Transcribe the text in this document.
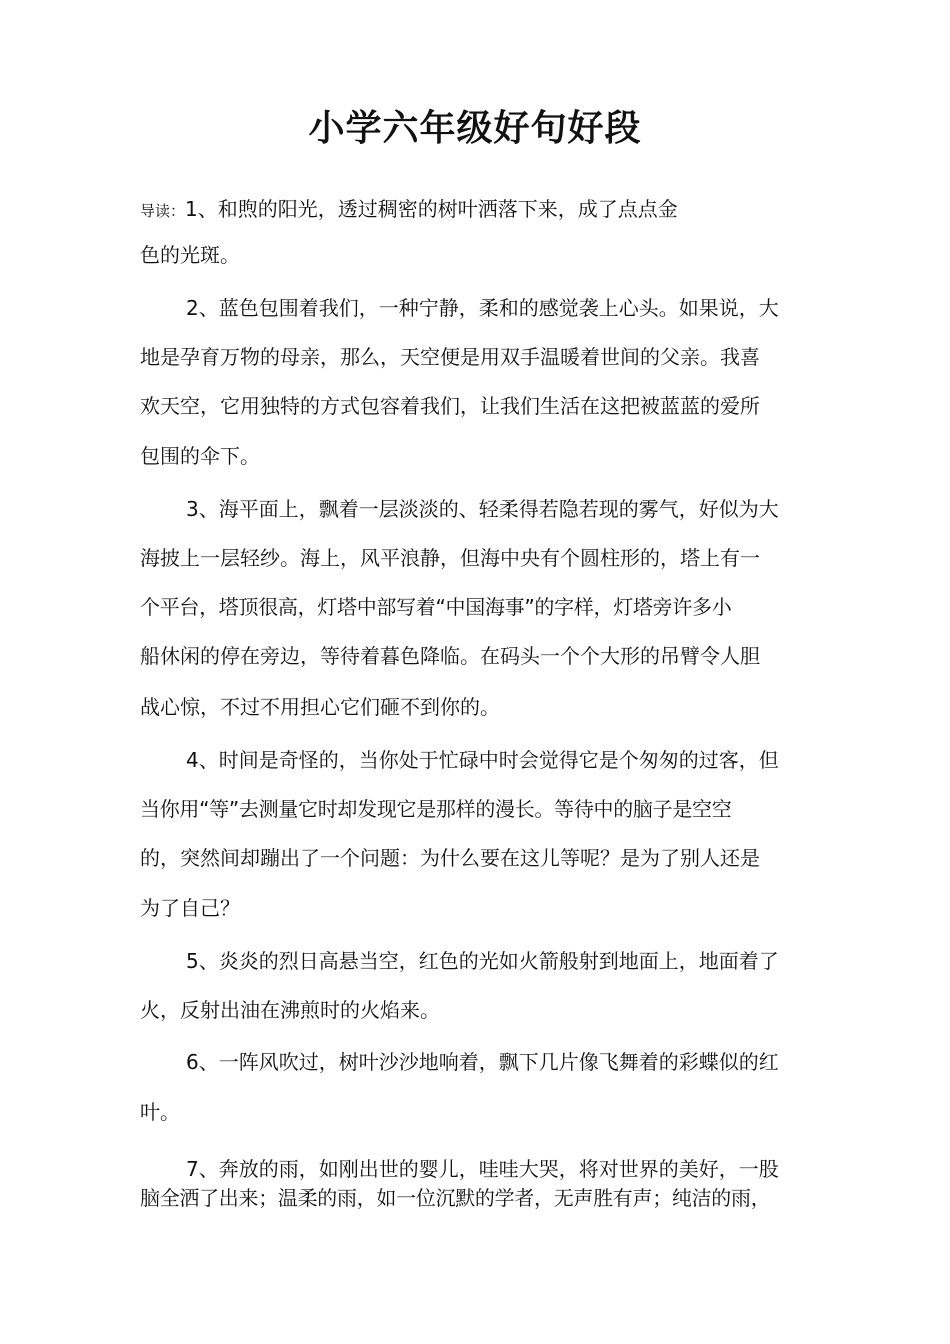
小学六年级好句好段
导读：1、和煦的阳光，透过稠密的树叶洒落下来，成了点点金
色的光斑。
2、蓝色包围着我们，一种宁静，柔和的感觉袭上心头。如果说，大
地是孕育万物的母亲，那么，天空便是用双手温暖着世间的父亲。我喜
欢天空，它用独特的方式包容着我们，让我们生活在这把被蓝蓝的爱所
包围的伞下。
3、海平面上，飘着一层淡淡的、轻柔得若隐若现的雾气，好似为大
海披上一层轻纱。海上，风平浪静，但海中央有个圆柱形的，塔上有一
个平台，塔顶很高，灯塔中部写着“中国海事”的字样，灯塔旁许多小
船休闲的停在旁边，等待着暮色降临。在码头一个个大形的吊臂令人胆
战心惊，不过不用担心它们砸不到你的。
4、时间是奇怪的，当你处于忙碌中时会觉得它是个匆匆的过客，但
当你用“等”去测量它时却发现它是那样的漫长。等待中的脑子是空空
的，突然间却蹦出了一个问题：为什么要在这儿等呢？是为了别人还是
为了自己？
5、炎炎的烈日高悬当空，红色的光如火箭般射到地面上，地面着了
火，反射出油在沸煎时的火焰来。
6、一阵风吹过，树叶沙沙地响着，飘下几片像飞舞着的彩蝶似的红
叶。
7、奔放的雨，如刚出世的婴儿，哇哇大哭，将对世界的美好，一股
脑全洒了出来；温柔的雨，如一位沉默的学者，无声胜有声；纯洁的雨，
